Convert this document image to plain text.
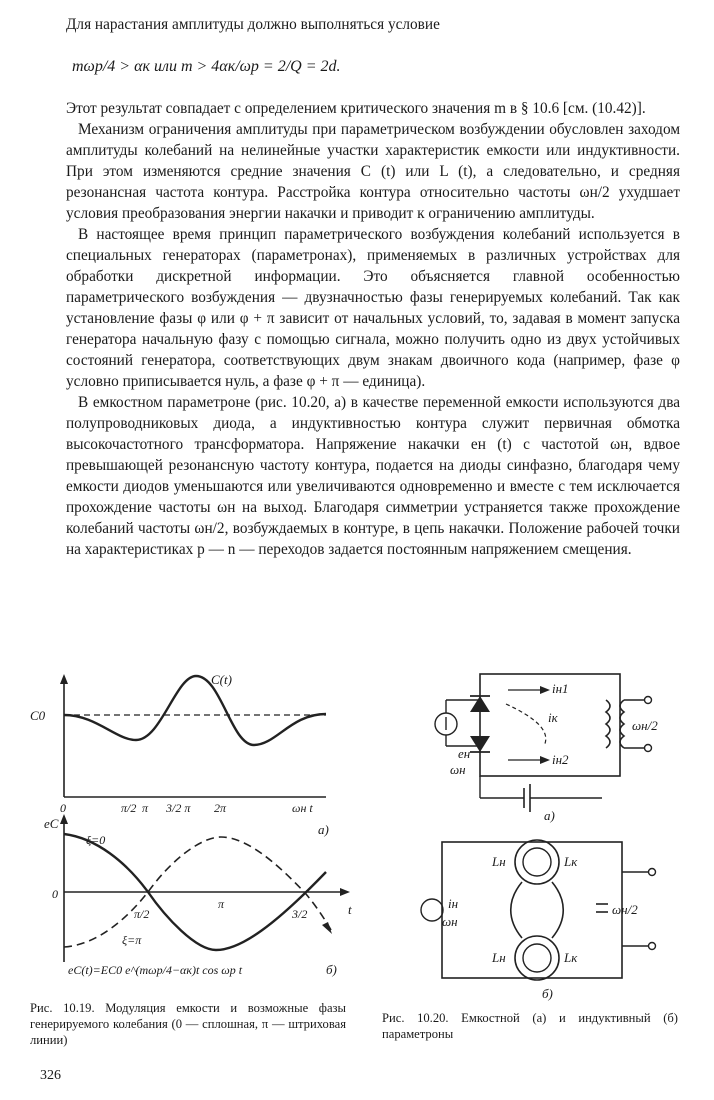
Для нарастания амплитуды должно выполняться условие
mωр/4 > αк или m > 4αк/ωр = 2/Q = 2d.

Этот результат совпадает с определением критического значения m в § 10.6 [см. (10.42)].

Механизм ограничения амплитуды при параметрическом возбуждении обусловлен заходом амплитуды колебаний на нелинейные участки характеристик емкости или индуктивности. При этом изменяются средние значения C (t) или L (t), а следовательно, и средняя резонансная частота контура. Расстройка контура относительно частоты ωн/2 ухудшает условия преобразования энергии накачки и приводит к ограничению амплитуды.

В настоящее время принцип параметрического возбуждения колебаний используется в специальных генераторах (параметронах), применяемых в различных устройствах для обработки дискретной информации. Это объясняется главной особенностью параметрического возбуждения — двузначностью фазы генерируемых колебаний. Так как установление фазы φ или φ + π зависит от начальных условий, то, задавая в момент запуска генератора начальную фазу с помощью сигнала, можно получить одно из двух устойчивых состояний генератора, соответствующих двум знакам двоичного кода (например, фазе φ условно приписывается нуль, а фазе φ + π — единица).

В емкостном параметроне (рис. 10.20, а) в качестве переменной емкости используются два полупроводниковых диода, а индуктивностью контура служит первичная обмотка высокочастотного трансформатора. Напряжение накачки eн (t) с частотой ωн, вдвое превышающей резонансную частоту контура, подается на диоды синфазно, благодаря чему емкости диодов уменьшаются или увеличиваются одновременно и вместе с тем исключается прохождение частоты ωн на выход. Благодаря симметрии устраняется также прохождение колебаний частоты ωн/2, возбуждаемых в контуре, в цепь накачки. Положение рабочей точки на характеристиках p — n — переходов задается постоянным напряжением смещения.

C0
C(t)
0	π/2 π 3/2 π 2π	ωн t
а)
eC
0
ξ=0
ξ=π
π/2
π
3/2	t
eC(t)=EC0 e^(mωp/4−αк)t cos ωp t	б)
Рис. 10.19. Модуляция емкости и возможные фазы генерируемого колебания (0 — сплошная, π — штриховая линии)
iн1
iн2
iк
eн
ωн
ωн/2
а)
Lн	Lк
Lн	Lк
iн
ωн
ωн/2
б)
Рис. 10.20. Емкостной (а) и индуктивный (б) параметроны
326
